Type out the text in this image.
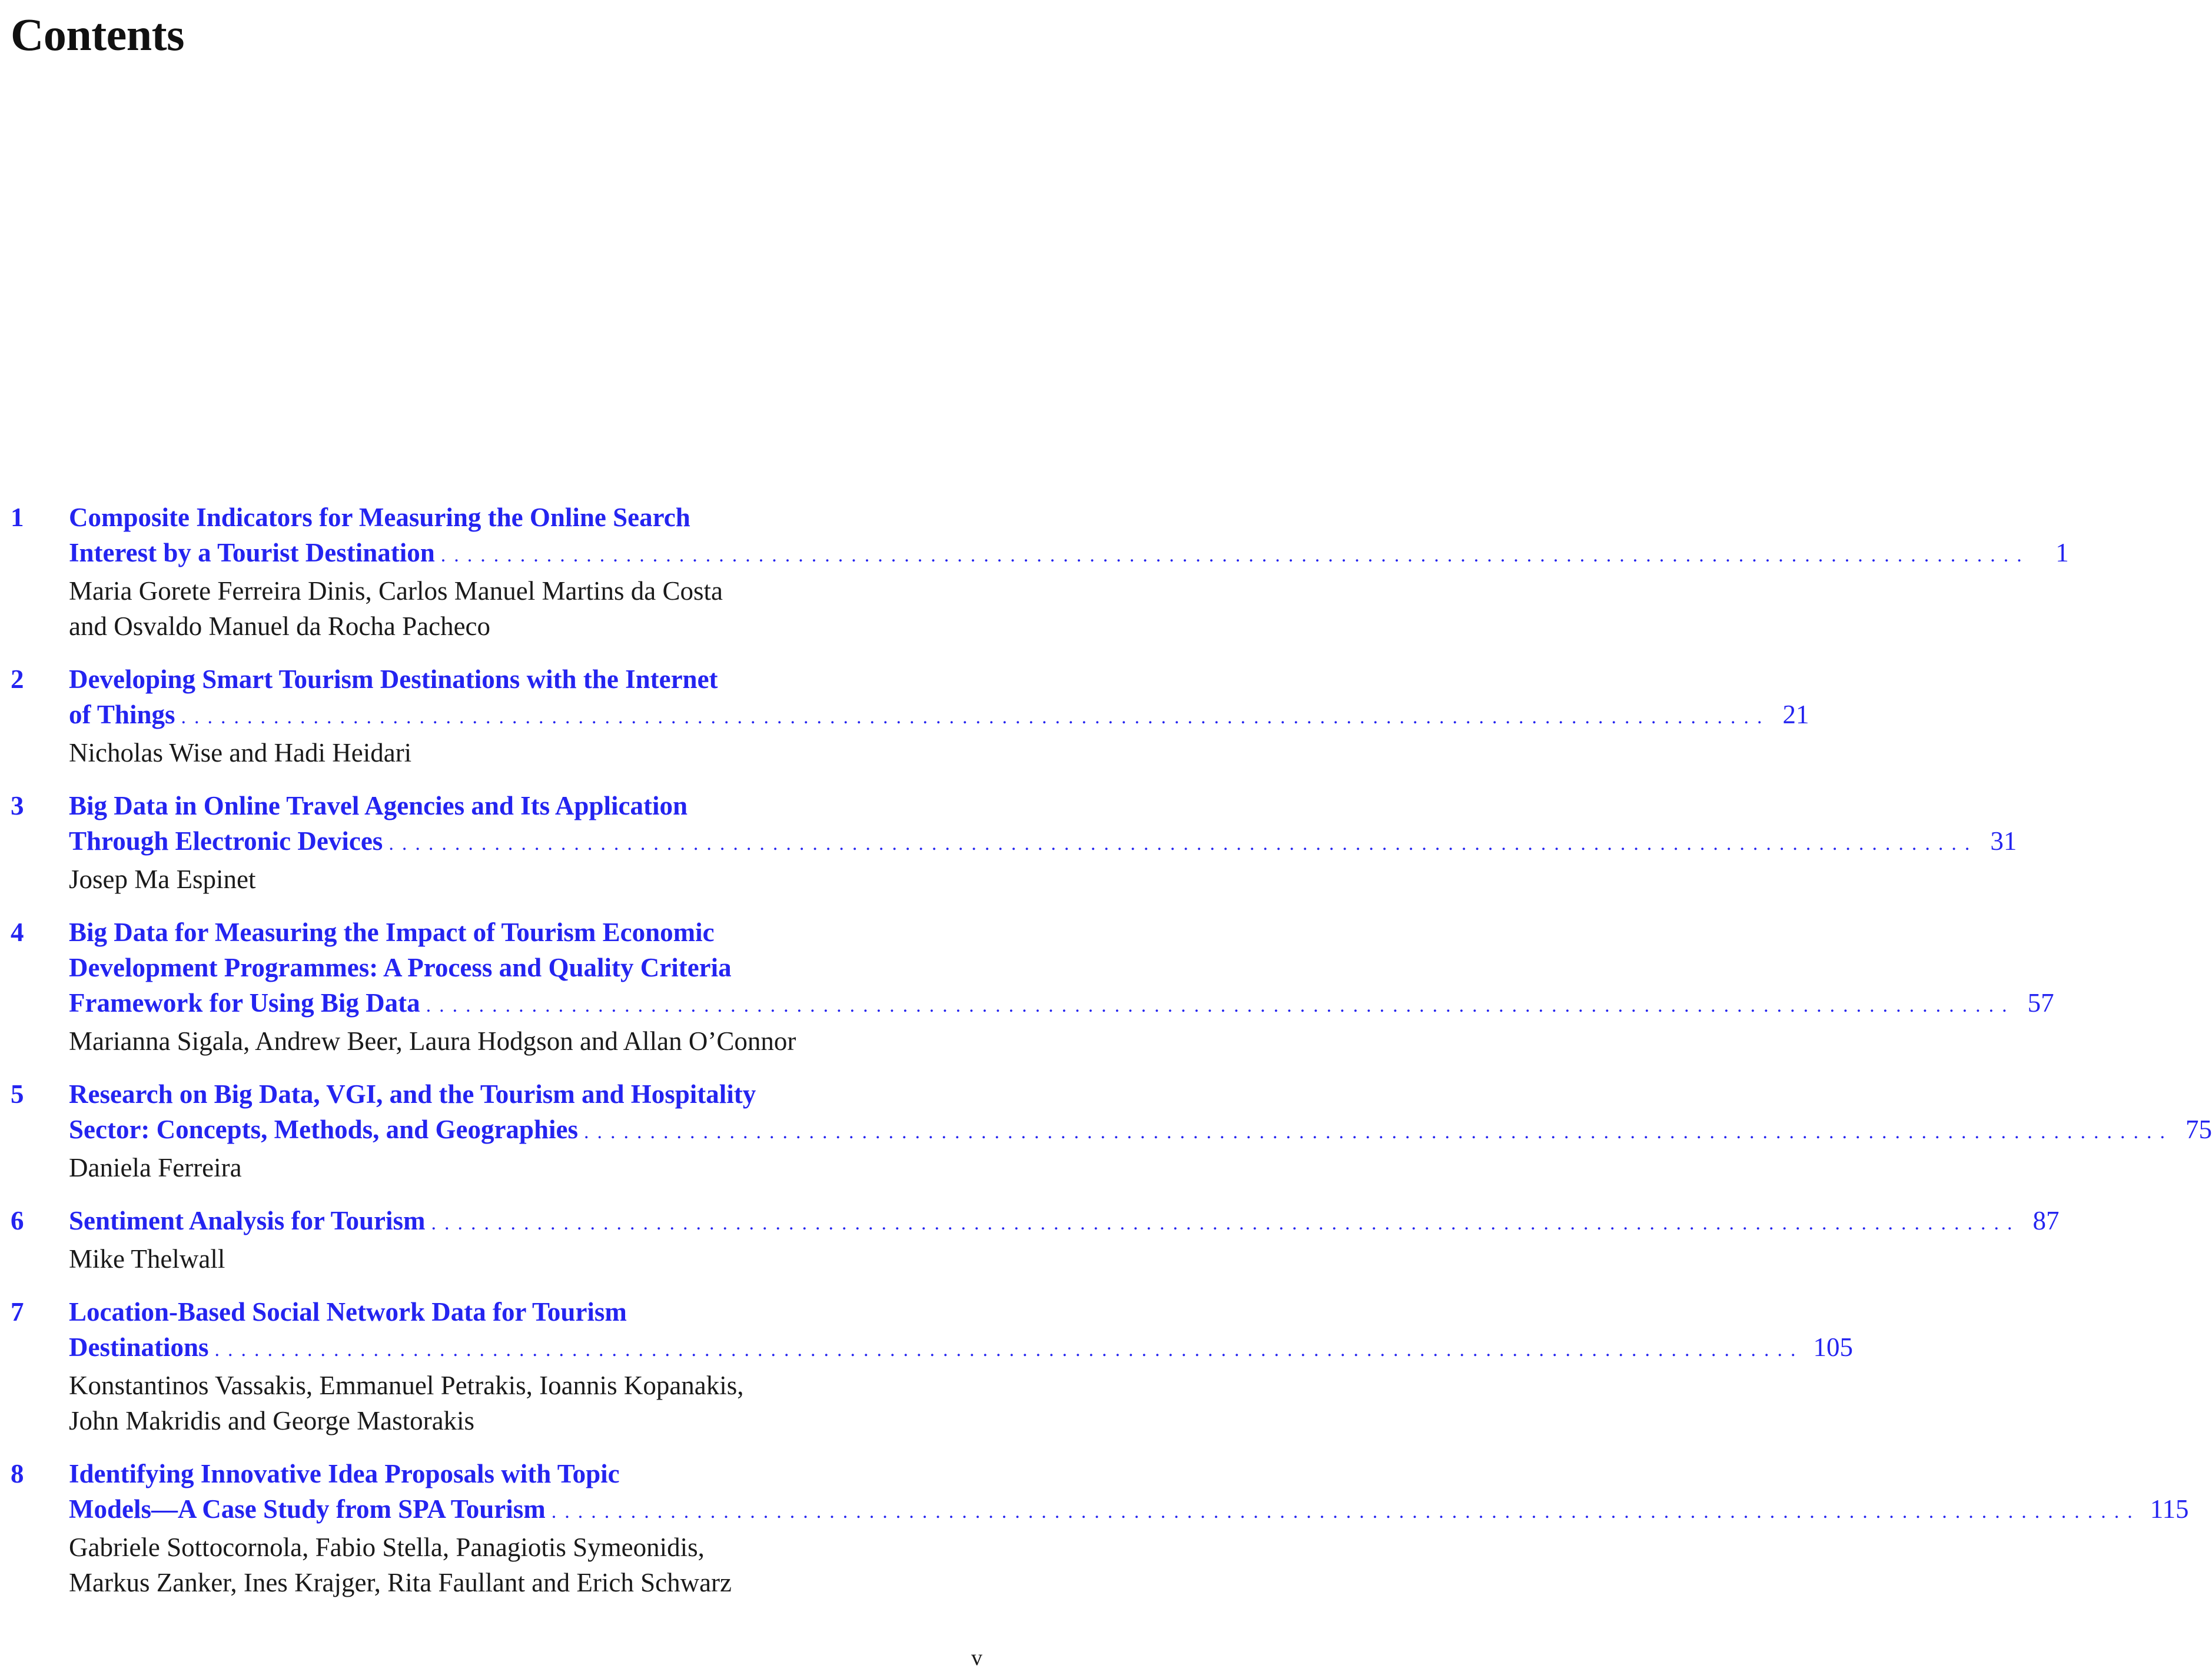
Contents
1	Composite Indicators for Measuring the Online Search
Interest by a Tourist Destination ........................................................................................................................ 1
Maria Gorete Ferreira Dinis, Carlos Manuel Martins da Costa
and Osvaldo Manuel da Rocha Pacheco
2	Developing Smart Tourism Destinations with the Internet
of Things ........................................................................................................................ 21
Nicholas Wise and Hadi Heidari
3	Big Data in Online Travel Agencies and Its Application
Through Electronic Devices ........................................................................................................................ 31
Josep Ma Espinet
4	Big Data for Measuring the Impact of Tourism Economic
Development Programmes: A Process and Quality Criteria
Framework for Using Big Data ........................................................................................................................ 57
Marianna Sigala, Andrew Beer, Laura Hodgson and Allan O’Connor
5	Research on Big Data, VGI, and the Tourism and Hospitality
Sector: Concepts, Methods, and Geographies ........................................................................................................................ 75
Daniela Ferreira
6	Sentiment Analysis for Tourism ........................................................................................................................ 87
Mike Thelwall
7	Location-Based Social Network Data for Tourism
Destinations ........................................................................................................................ 105
Konstantinos Vassakis, Emmanuel Petrakis, Ioannis Kopanakis,
John Makridis and George Mastorakis
8	Identifying Innovative Idea Proposals with Topic
Models—A Case Study from SPA Tourism ........................................................................................................................ 115
Gabriele Sottocornola, Fabio Stella, Panagiotis Symeonidis,
Markus Zanker, Ines Krajger, Rita Faullant and Erich Schwarz
v
